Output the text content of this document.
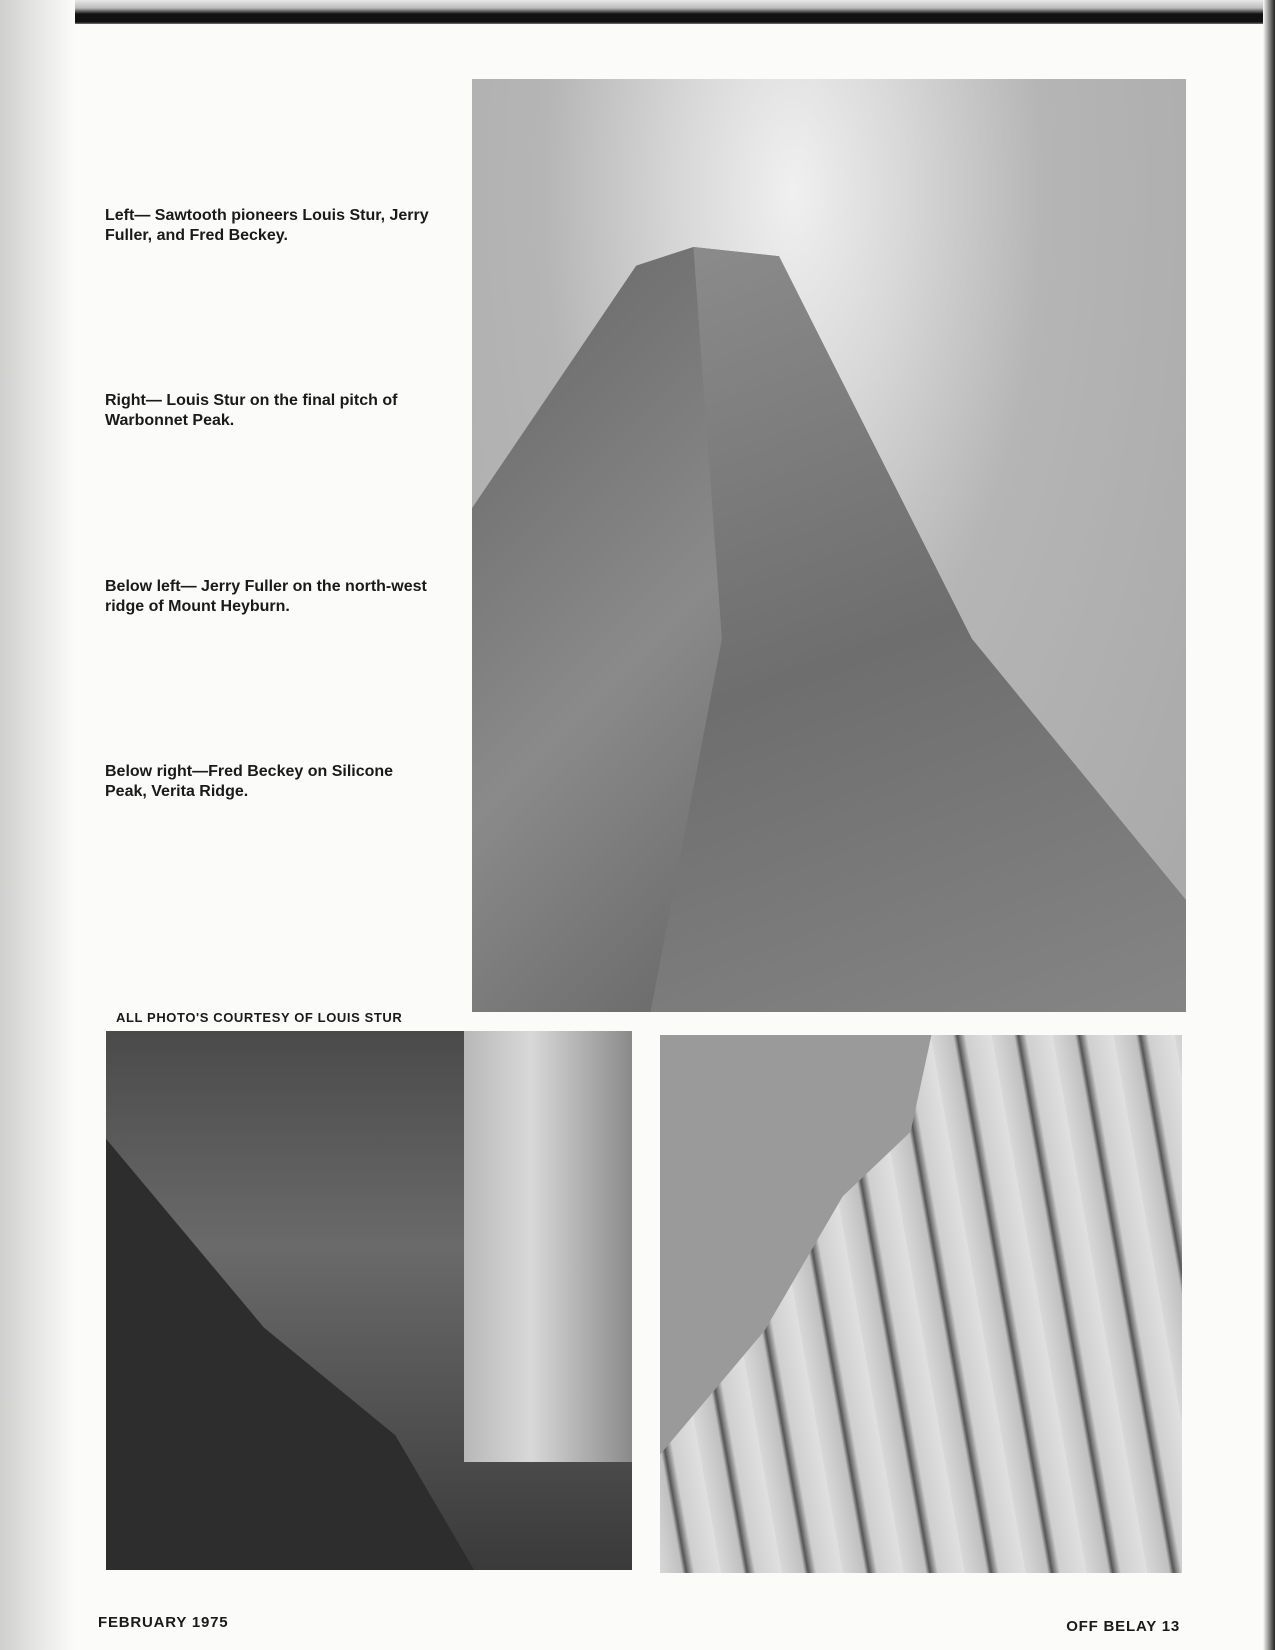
Left— Sawtooth pioneers Louis Stur, Jerry Fuller, and Fred Beckey.
Right— Louis Stur on the final pitch of Warbonnet Peak.
Below left— Jerry Fuller on the north-west ridge of Mount Heyburn.
Below right—Fred Beckey on Silicone Peak, Verita Ridge.
ALL PHOTO'S COURTESY OF LOUIS STUR
FEBRUARY 1975	OFF BELAY 13
